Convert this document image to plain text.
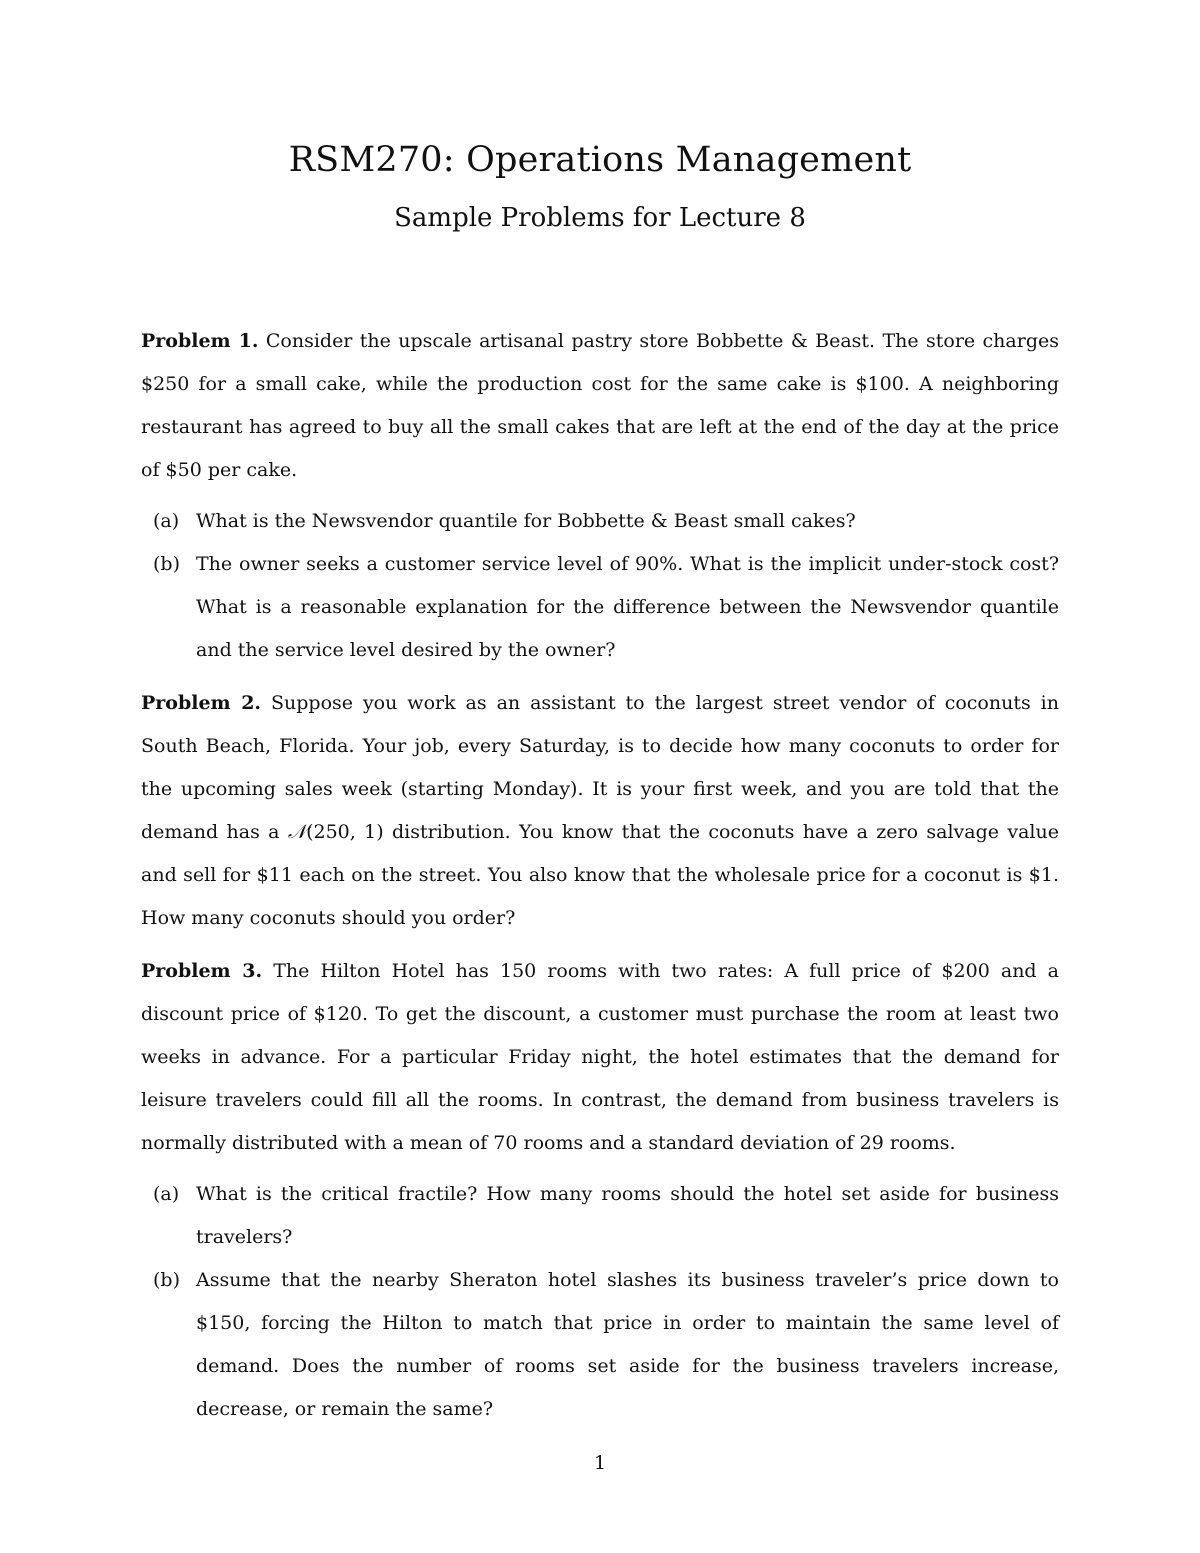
RSM270: Operations Management
Sample Problems for Lecture 8

Problem 1. Consider the upscale artisanal pastry store Bobbette & Beast. The store charges $250 for a small cake, while the production cost for the same cake is $100. A neighboring restaurant has agreed to buy all the small cakes that are left at the end of the day at the price of $50 per cake.

(a) What is the Newsvendor quantile for Bobbette & Beast small cakes?
(b) The owner seeks a customer service level of 90%. What is the implicit under-stock cost? What is a reasonable explanation for the difference between the Newsvendor quantile and the service level desired by the owner?

Problem 2. Suppose you work as an assistant to the largest street vendor of coconuts in South Beach, Florida. Your job, every Saturday, is to decide how many coconuts to order for the upcoming sales week (starting Monday). It is your first week, and you are told that the demand has a 𝒩(250, 1) distribution. You know that the coconuts have a zero salvage value and sell for $11 each on the street. You also know that the wholesale price for a coconut is $1. How many coconuts should you order?

Problem 3. The Hilton Hotel has 150 rooms with two rates: A full price of $200 and a discount price of $120. To get the discount, a customer must purchase the room at least two weeks in advance. For a particular Friday night, the hotel estimates that the demand for leisure travelers could fill all the rooms. In contrast, the demand from business travelers is normally distributed with a mean of 70 rooms and a standard deviation of 29 rooms.

(a) What is the critical fractile? How many rooms should the hotel set aside for business travelers?
(b) Assume that the nearby Sheraton hotel slashes its business traveler’s price down to $150, forcing the Hilton to match that price in order to maintain the same level of demand. Does the number of rooms set aside for the business travelers increase, decrease, or remain the same?
1
